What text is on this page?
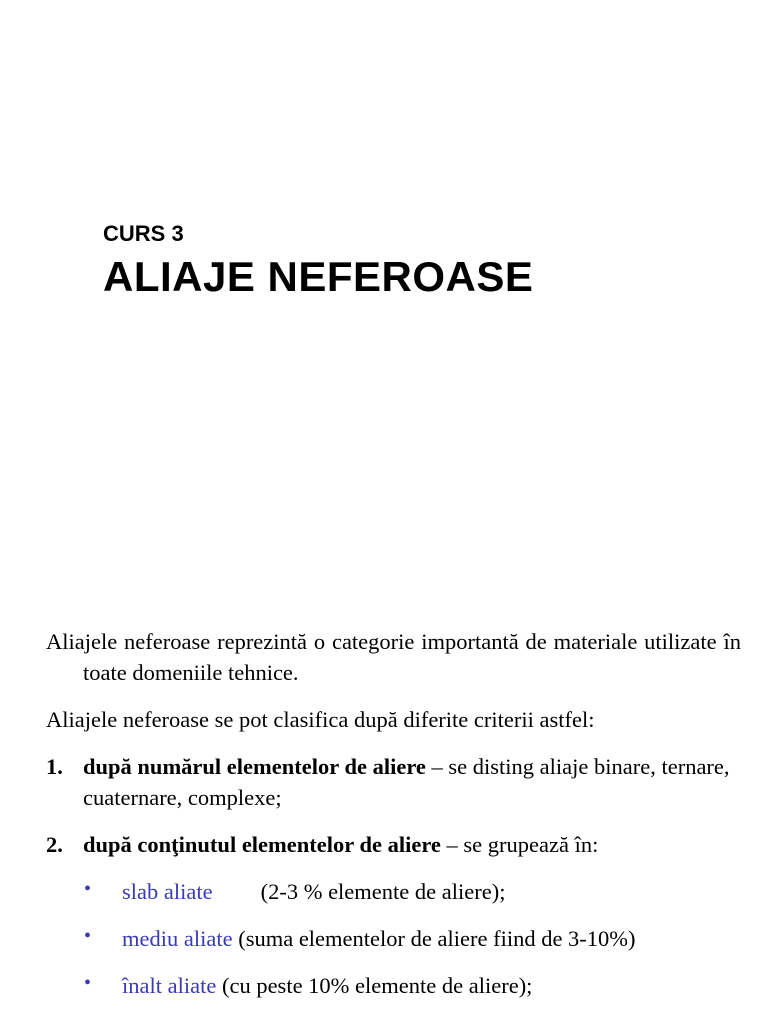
CURS 3
ALIAJE NEFEROASE

Aliajele neferoase reprezintă o categorie importantă de materiale utilizate în toate domeniile tehnice.

Aliajele neferoase se pot clasifica după diferite criterii astfel:

1. după numărul elementelor de aliere – se disting aliaje binare, ternare, cuaternare, complexe;
2. după conţinutul elementelor de aliere – se grupează în:
• slab aliate (2-3 % elemente de aliere);
• mediu aliate (suma elementelor de aliere fiind de 3-10%)
• înalt aliate (cu peste 10% elemente de aliere);
